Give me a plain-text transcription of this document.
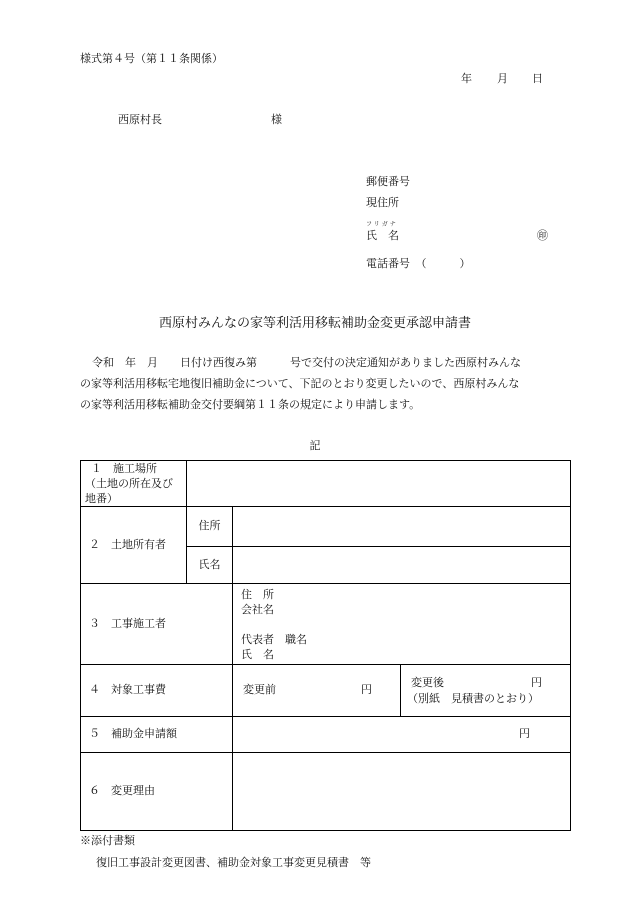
様式第４号（第１１条関係）
年 月 日
西原村長	様
郵便番号
現住所
フリガナ
氏　名	㊞
電話番号　（　　　）
西原村みんなの家等利活用移転補助金変更承認申請書
令和　年　月　　日付け西復み第　　　号で交付の決定通知がありました西原村みんな
の家等利活用移転宅地復旧補助金について、下記のとおり変更したいので、西原村みんな
の家等利活用移転補助金交付要綱第１１条の規定により申請します。
記
１　施工場所
（土地の所在及び地番）			

２　土地所有者	住所		
	氏名		
３　工事施工者		住　所
会社名
代表者　職名
氏　名	

４　対象工事費		変更前 円	変更後 円
（別紙　見積書のとおり）

５　補助金申請額		円	
６　変更理由			
※添付書類
復旧工事設計変更図書、補助金対象工事変更見積書　等
